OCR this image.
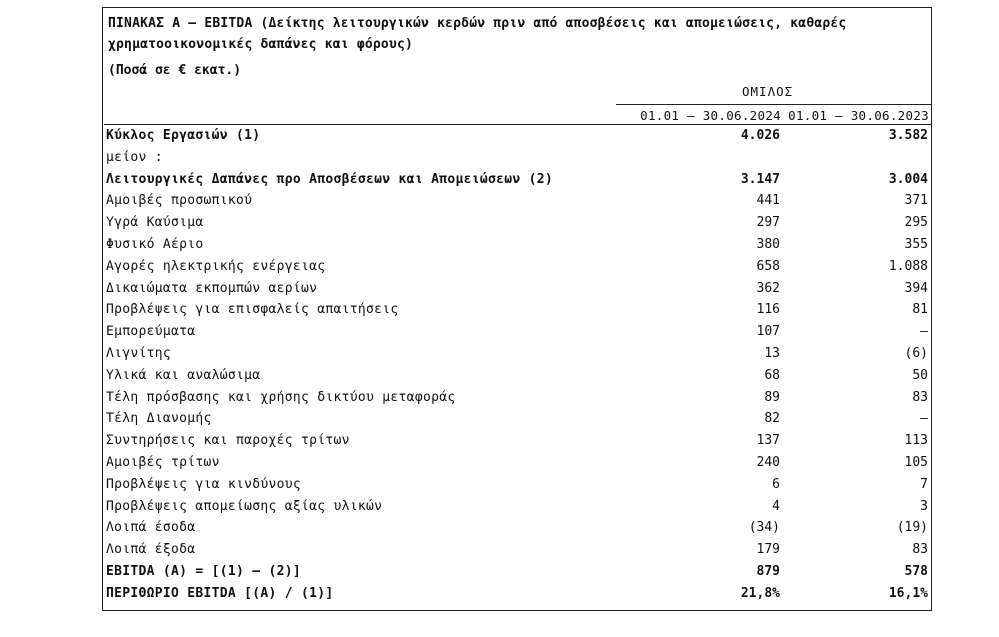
ΠΙΝΑΚΑΣ Α – EBITDA (Δείκτης λειτουργικών κερδών πριν από αποσβέσεις και απομειώσεις, καθαρές χρηματοοικονομικές δαπάνες και φόρους)
(Ποσά σε € εκατ.)
ΟΜΙΛΟΣ
01.01 – 30.06.2024 01.01 – 30.06.2023
Κύκλος Εργασιών (1)	4.026	3.582
μείον :
Λειτουργικές Δαπάνες προ Αποσβέσεων και Απομειώσεων (2)	3.147	3.004
Αμοιβές προσωπικού	441	371
Υγρά Καύσιμα	297	295
Φυσικό Αέριο	380	355
Αγορές ηλεκτρικής ενέργειας	658	1.088
Δικαιώματα εκπομπών αερίων	362	394
Προβλέψεις για επισφαλείς απαιτήσεις	116	81
Εμπορεύματα	107	–
Λιγνίτης	13	(6)
Υλικά και αναλώσιμα	68	50
Τέλη πρόσβασης και χρήσης δικτύου μεταφοράς	89	83
Τέλη Διανομής	82	–
Συντηρήσεις και παροχές τρίτων	137	113
Αμοιβές τρίτων	240	105
Προβλέψεις για κινδύνους	6	7
Προβλέψεις απομείωσης αξίας υλικών	4	3
Λοιπά έσοδα	(34)	(19)
Λοιπά έξοδα	179	83
EBITDA (A) = [(1) – (2)]	879	578
ΠΕΡΙΘΩΡΙΟ EBITDA [(A) / (1)]	21,8%	16,1%
